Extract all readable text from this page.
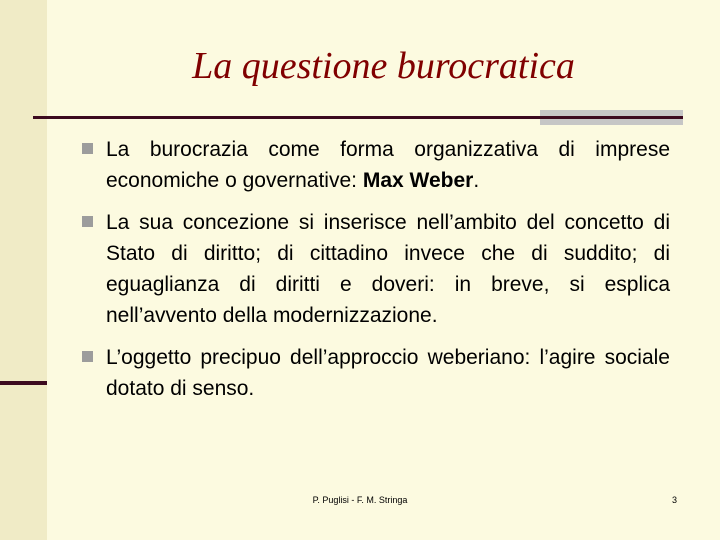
La questione burocratica
La burocrazia come forma organizzativa di imprese economiche o governative: Max Weber.
La sua concezione si inserisce nell’ambito del concetto di Stato di diritto; di cittadino invece che di suddito; di eguaglianza di diritti e doveri: in breve, si esplica nell’avvento della modernizzazione.
L’oggetto precipuo dell’approccio weberiano: l’agire sociale dotato di senso.
P. Puglisi - F. M. Stringa	3
